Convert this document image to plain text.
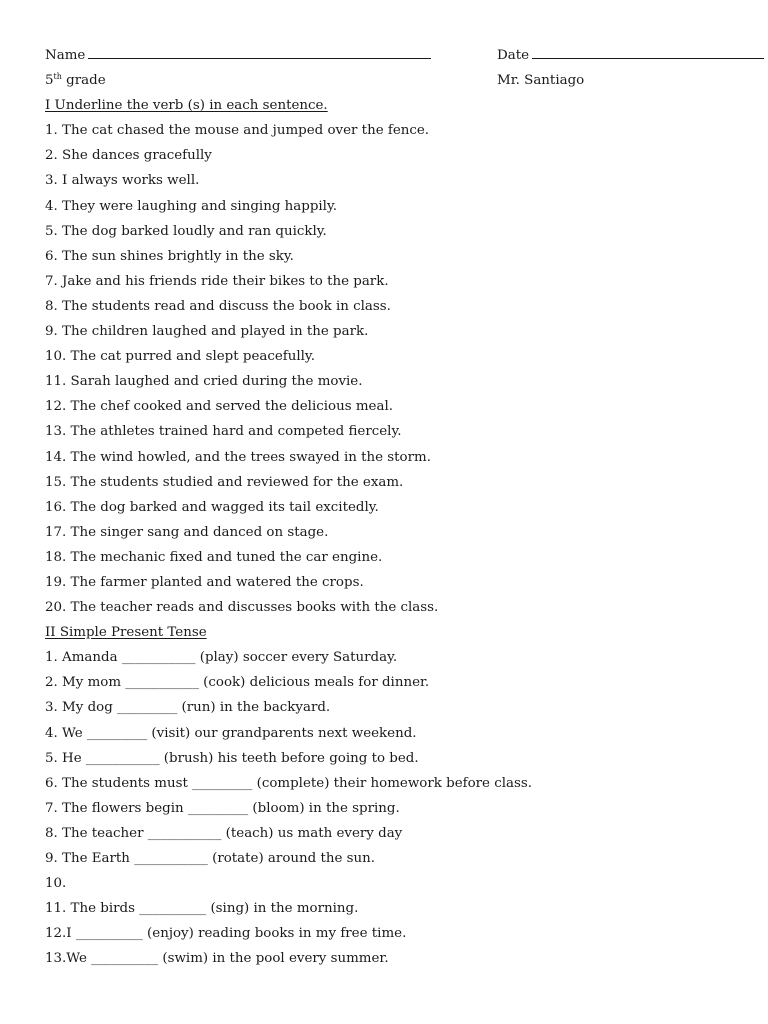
Name	Date
5th grade	Mr. Santiago
I Underline the verb (s) in each sentence.
1. The cat chased the mouse and jumped over the fence.
2. She dances gracefully
3. I always works well.
4. They were laughing and singing happily.
5. The dog barked loudly and ran quickly.
6. The sun shines brightly in the sky.
7. Jake and his friends ride their bikes to the park.
8. The students read and discuss the book in class.
9. The children laughed and played in the park.
10. The cat purred and slept peacefully.
11. Sarah laughed and cried during the movie.
12. The chef cooked and served the delicious meal.
13. The athletes trained hard and competed fiercely.
14. The wind howled, and the trees swayed in the storm.
15. The students studied and reviewed for the exam.
16. The dog barked and wagged its tail excitedly.
17. The singer sang and danced on stage.
18. The mechanic fixed and tuned the car engine.
19. The farmer planted and watered the crops.
20. The teacher reads and discusses books with the class.
II Simple Present Tense
1. Amanda ___________ (play) soccer every Saturday.
2. My mom ___________ (cook) delicious meals for dinner.
3. My dog _________ (run) in the backyard.
4. We _________ (visit) our grandparents next weekend.
5. He ___________ (brush) his teeth before going to bed.
6. The students must _________ (complete) their homework before class.
7. The flowers begin _________ (bloom) in the spring.
8. The teacher ___________ (teach) us math every day
9. The Earth ___________ (rotate) around the sun.
10.
11. The birds __________ (sing) in the morning.
12.I __________ (enjoy) reading books in my free time.
13.We __________ (swim) in the pool every summer.
